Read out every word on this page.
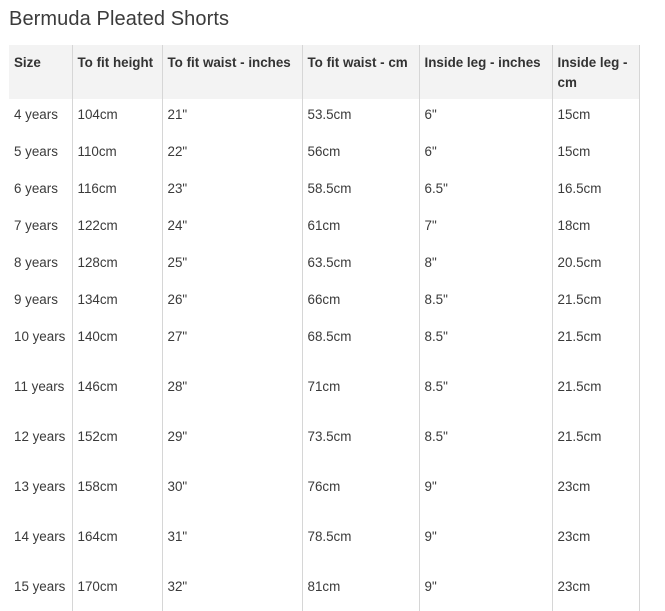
Bermuda Pleated Shorts
Size	To fit height	To fit waist - inches	To fit waist - cm	Inside leg - inches	Inside leg - cm
4 years	104cm	21"	53.5cm	6"	15cm
5 years	110cm	22"	56cm	6"	15cm
6 years	116cm	23"	58.5cm	6.5"	16.5cm
7 years	122cm	24"	61cm	7"	18cm
8 years	128cm	25"	63.5cm	8"	20.5cm
9 years	134cm	26"	66cm	8.5"	21.5cm
10 years	140cm	27"	68.5cm	8.5"	21.5cm
11 years	146cm	28"	71cm	8.5"	21.5cm
12 years	152cm	29"	73.5cm	8.5"	21.5cm
13 years	158cm	30"	76cm	9"	23cm
14 years	164cm	31"	78.5cm	9"	23cm
15 years	170cm	32"	81cm	9"	23cm
